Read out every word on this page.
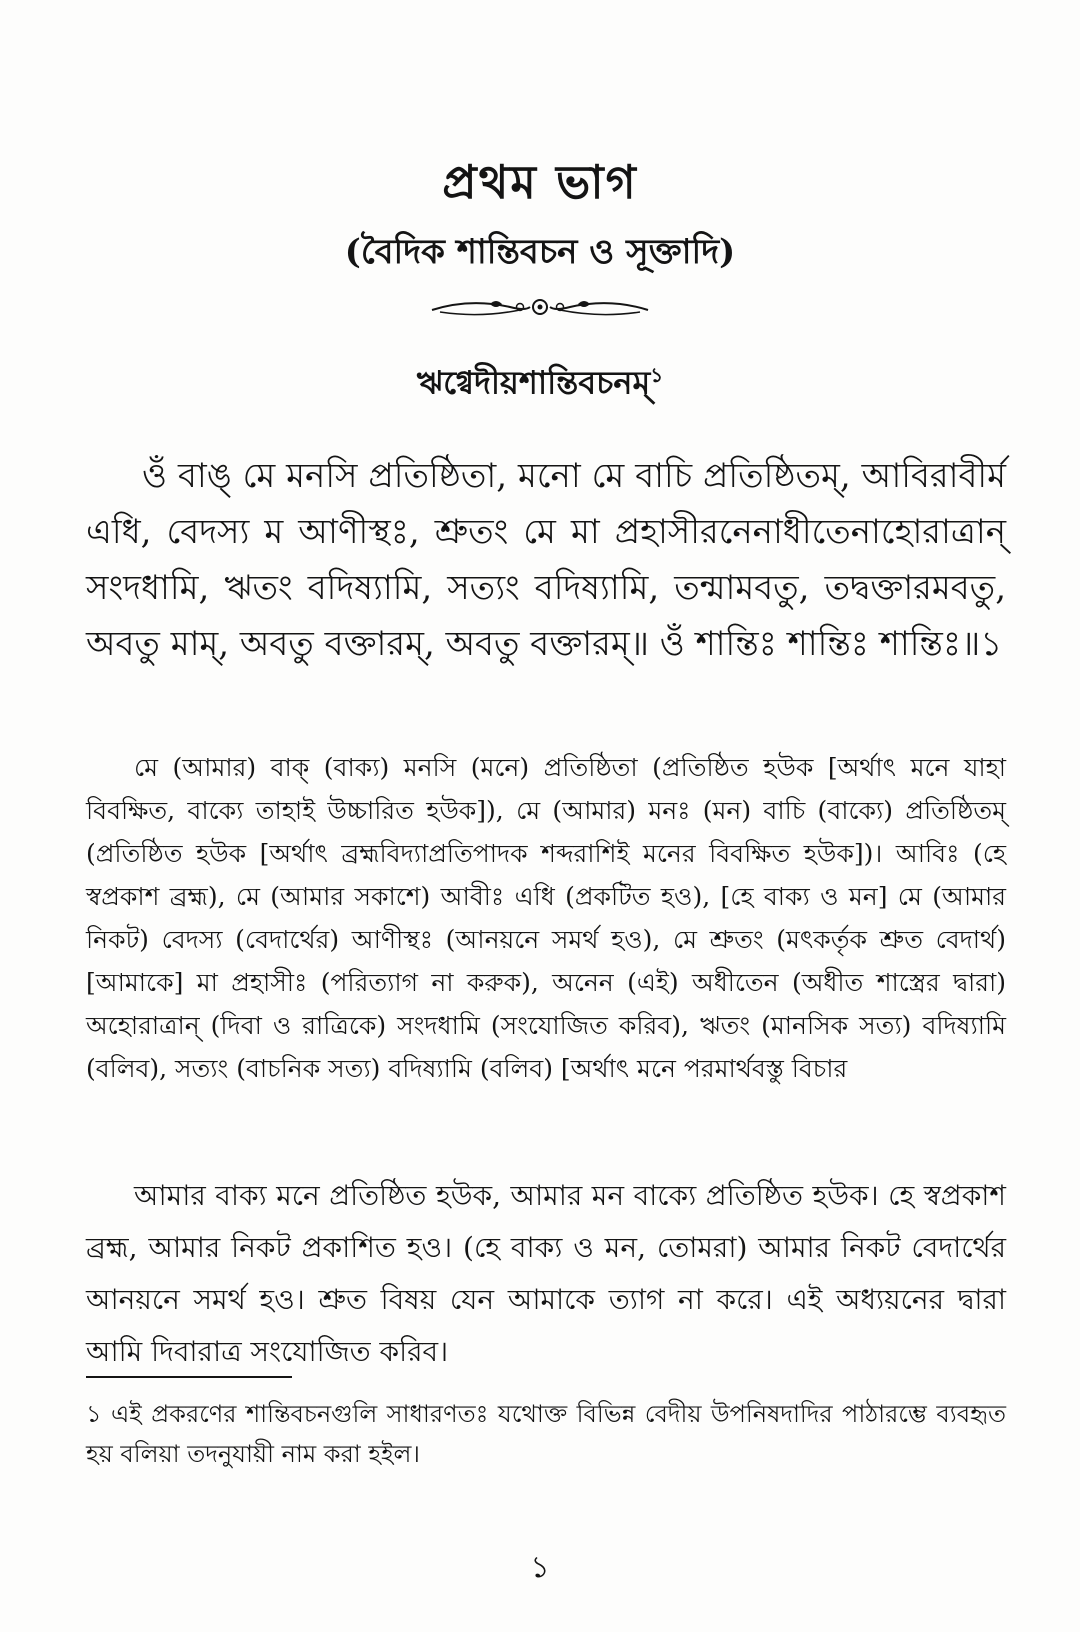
প্রথম ভাগ
(বৈদিক শান্তিবচন ও সূক্তাদি)
ঋগ্বেদীয়শান্তিবচনম্$^১$

ওঁ বাঙ্ মে মনসি প্রতিষ্ঠিতা, মনো মে বাচি প্রতিষ্ঠিতম্, আবিরাবীর্ম এধি, বেদস্য ম আণীস্থঃ, শ্রুতং মে মা প্রহাসীরনেনাধীতেনাহোরাত্রান্ সংদধামি, ঋতং বদিষ্যামি, সত্যং বদিষ্যামি, তন্মামবতু, তদ্বক্তারমবতু, অবতু মাম্, অবতু বক্তারম্, অবতু বক্তারম্॥ ওঁ শান্তিঃ শান্তিঃ শান্তিঃ॥১

মে (আমার) বাক্ (বাক্য) মনসি (মনে) প্রতিষ্ঠিতা (প্রতিষ্ঠিত হউক [অর্থাৎ মনে যাহা বিবক্ষিত, বাক্যে তাহাই উচ্চারিত হউক]), মে (আমার) মনঃ (মন) বাচি (বাক্যে) প্রতিষ্ঠিতম্ (প্রতিষ্ঠিত হউক [অর্থাৎ ব্রহ্মবিদ্যাপ্রতিপাদক শব্দরাশিই মনের বিবক্ষিত হউক])। আবিঃ (হে স্বপ্রকাশ ব্রহ্ম), মে (আমার সকাশে) আবীঃ এধি (প্রকটিত হও), [হে বাক্য ও মন] মে (আমার নিকট) বেদস্য (বেদার্থের) আণীস্থঃ (আনয়নে সমর্থ হও), মে শ্রুতং (মৎকর্তৃক শ্রুত বেদার্থ) [আমাকে] মা প্রহাসীঃ (পরিত্যাগ না করুক), অনেন (এই) অধীতেন (অধীত শাস্ত্রের দ্বারা) অহোরাত্রান্ (দিবা ও রাত্রিকে) সংদধামি (সংযোজিত করিব), ঋতং (মানসিক সত্য) বদিষ্যামি (বলিব), সত্যং (বাচনিক সত্য) বদিষ্যামি (বলিব) [অর্থাৎ মনে পরমার্থবস্তু বিচার

আমার বাক্য মনে প্রতিষ্ঠিত হউক, আমার মন বাক্যে প্রতিষ্ঠিত হউক। হে স্বপ্রকাশ ব্রহ্ম, আমার নিকট প্রকাশিত হও। (হে বাক্য ও মন, তোমরা) আমার নিকট বেদার্থের আনয়নে সমর্থ হও। শ্রুত বিষয় যেন আমাকে ত্যাগ না করে। এই অধ্যয়নের দ্বারা আমি দিবারাত্র সংযোজিত করিব।

১ এই প্রকরণের শান্তিবচনগুলি সাধারণতঃ যথোক্ত বিভিন্ন বেদীয় উপনিষদাদির পাঠারম্ভে ব্যবহৃত হয় বলিয়া তদনুযায়ী নাম করা হইল।

১
